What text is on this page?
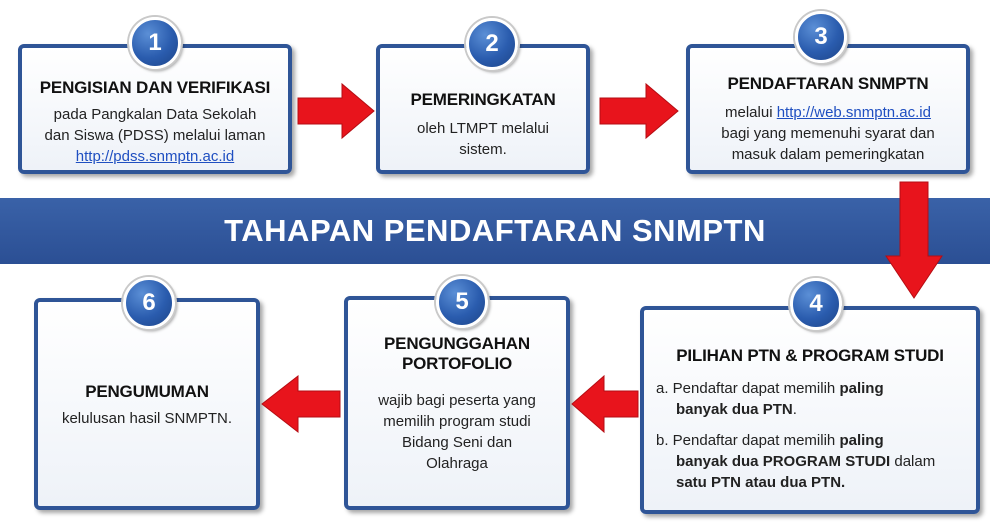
TAHAPAN PENDAFTARAN SNMPTN
PENGISIAN DAN VERIFIKASI
pada Pangkalan Data Sekolah
dan Siswa (PDSS) melalui laman
http://pdss.snmptn.ac.id
1
PEMERINGKATAN
oleh LTMPT melalui
sistem.
2
PENDAFTARAN SNMPTN
melalui http://web.snmptn.ac.id
bagi yang memenuhi syarat dan
masuk dalam pemeringkatan
3
PILIHAN PTN & PROGRAM STUDI
a. Pendaftar dapat memilih paling
banyak dua PTN.
b. Pendaftar dapat memilih paling
banyak dua PROGRAM STUDI dalam
satu PTN atau dua PTN.
4
PENGUNGGAHAN
PORTOFOLIO
wajib bagi peserta yang
memilih program studi
Bidang Seni dan
Olahraga
5
PENGUMUMAN
kelulusan hasil SNMPTN.
6
